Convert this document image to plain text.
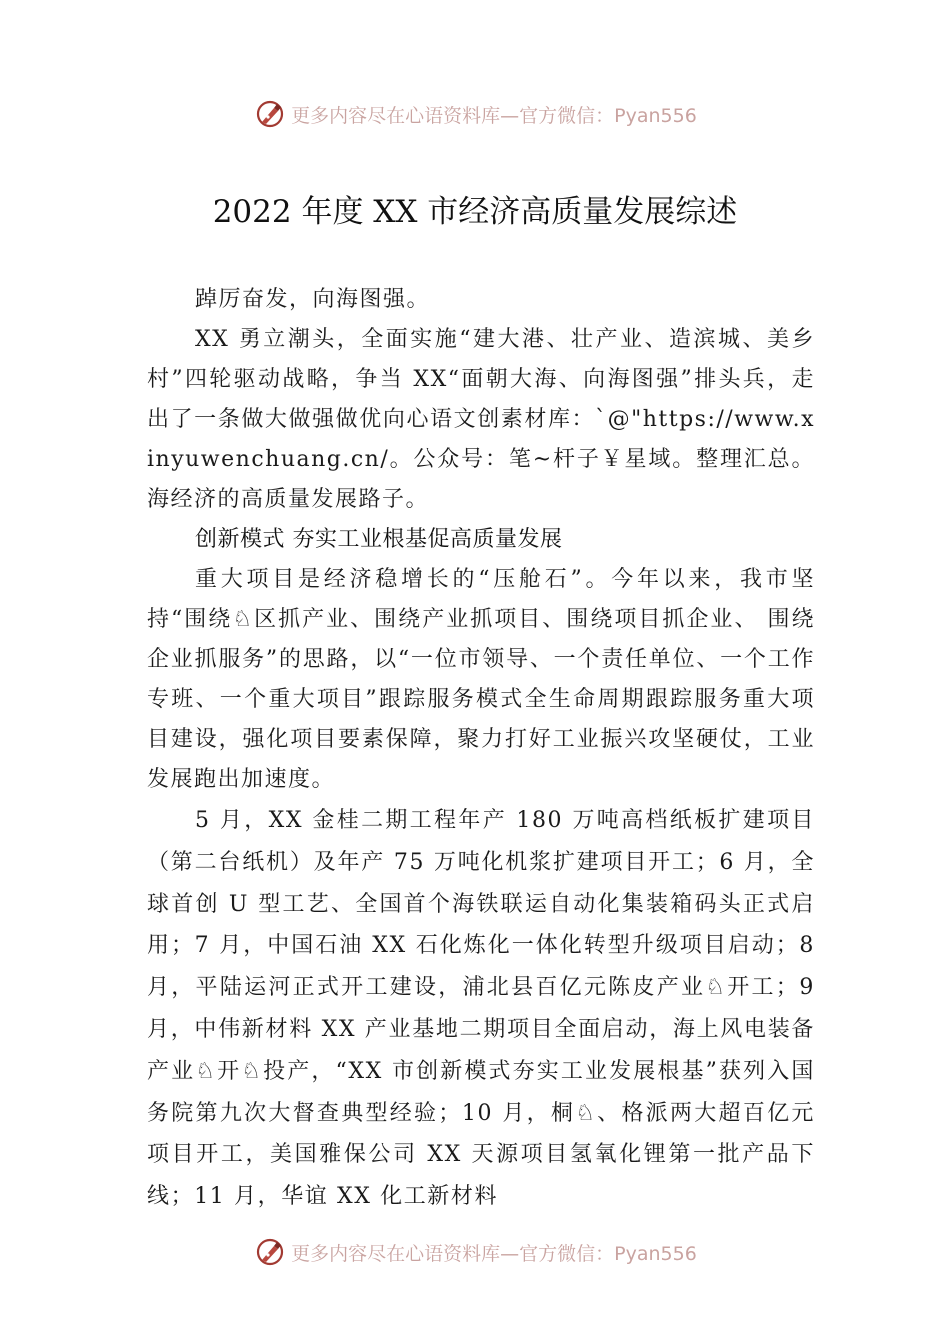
更多内容尽在心语资料库—官方微信：Pyan556
2022 年度 XX 市经济高质量发展综述

踔厉奋发，向海图强。

XX 勇立潮头，全面实施“建大港、壮产业、造滨城、美乡村”四轮驱动战略，争当 XX“面朝大海、向海图强”排头兵，走出了一条做大做强做优向心语文创素材库：`@"https://www.xinyuwenchuang.cn/。公众号：笔~杆子￥星域。整理汇总。海经济的高质量发展路子。

创新模式 夯实工业根基促高质量发展

重大项目是经济稳增长的“压舱石”。今年以来，我市坚持“围绕♘区抓产业、围绕产业抓项目、围绕项目抓企业、 围绕企业抓服务”的思路，以“一位市领导、一个责任单位、一个工作专班、一个重大项目”跟踪服务模式全生命周期跟踪服务重大项目建设，强化项目要素保障，聚力打好工业振兴攻坚硬仗，工业发展跑出加速度。

5 月，XX 金桂二期工程年产 180 万吨高档纸板扩建项目（第二台纸机）及年产 75 万吨化机浆扩建项目开工；6 月，全球首创 U 型工艺、全国首个海铁联运自动化集装箱码头正式启用；7 月，中国石油 XX 石化炼化一体化转型升级项目启动；8 月，平陆运河正式开工建设，浦北县百亿元陈皮产业♘开工；9 月，中伟新材料 XX 产业基地二期项目全面启动，海上风电装备产业♘开♘投产，“XX 市创新模式夯实工业发展根基”获列入国务院第九次大督查典型经验；10 月，桐♘、格派两大超百亿元项目开工，美国雅保公司 XX 天源项目氢氧化锂第一批产品下线；11 月，华谊 XX 化工新材料

更多内容尽在心语资料库—官方微信：Pyan556
